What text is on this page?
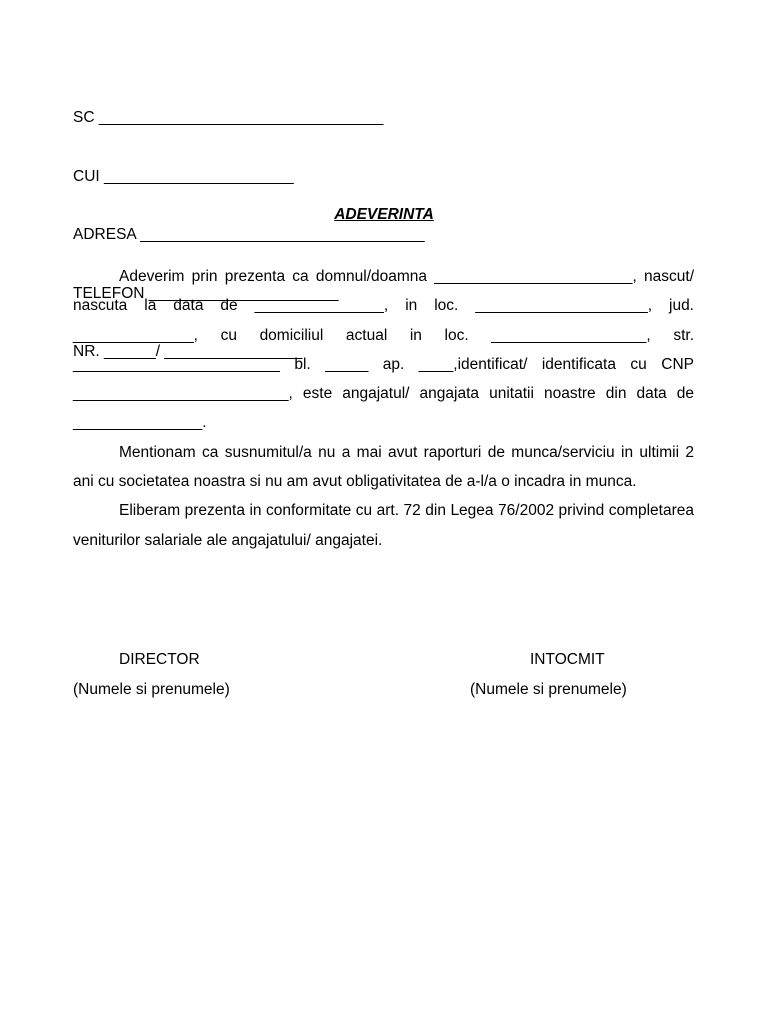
SC _________________________________

CUI ______________________

ADRESA _________________________________

TELEFON ______________________

NR. ______/ ________________

ADEVERINTA

Adeverim prin prezenta ca domnul/doamna _______________________, nascut/ nascuta la data de _______________, in loc. ____________________, jud. ______________, cu domiciliul actual in loc. __________________, str. ________________________ bl. _____ ap. ____,identificat/ identificata cu CNP _________________________, este angajatul/ angajata unitatii noastre din data de _______________.

Mentionam ca susnumitul/a nu a mai avut raporturi de munca/serviciu in ultimii 2 ani cu societatea noastra si nu am avut obligativitatea de a-l/a o incadra in munca.

Eliberam prezenta in conformitate cu art. 72 din Legea 76/2002 privind completarea veniturilor salariale ale angajatului/ angajatei.

DIRECTOR
(Numele si prenumele)
INTOCMIT
(Numele si prenumele)
